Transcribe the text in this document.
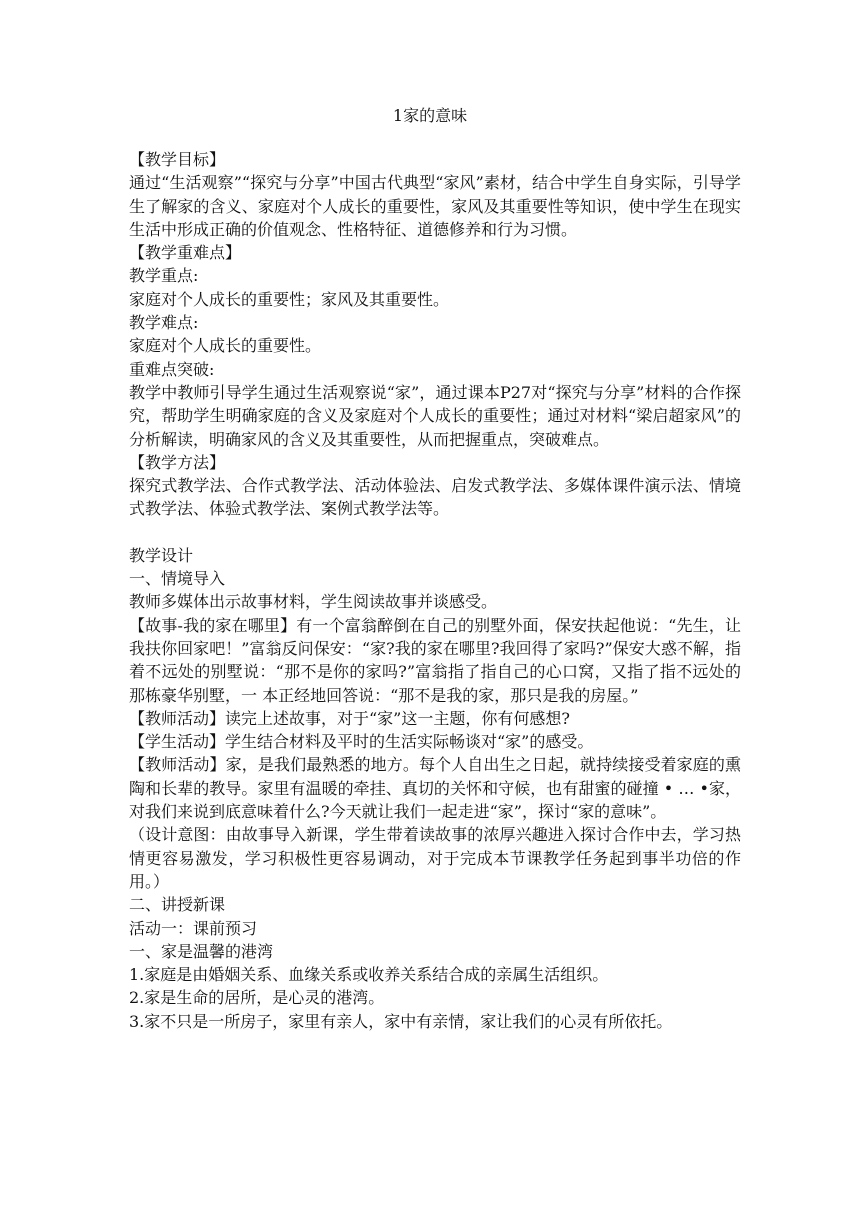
1家的意味

【教学目标】

通过“生活观察”“探究与分享”中国古代典型“家风”素材，结合中学生自身实际，引导学生了解家的含义、家庭对个人成长的重要性，家风及其重要性等知识，使中学生在现实生活中形成正确的价值观念、性格特征、道德修养和行为习惯。

【教学重难点】

教学重点:

家庭对个人成长的重要性；家风及其重要性。

教学难点:

家庭对个人成长的重要性。

重难点突破:

教学中教师引导学生通过生活观察说“家”，通过课本P27对“探究与分享”材料的合作探究，帮助学生明确家庭的含义及家庭对个人成长的重要性；通过对材料“梁启超家风”的分析解读，明确家风的含义及其重要性，从而把握重点，突破难点。

【教学方法】

探究式教学法、合作式教学法、活动体验法、启发式教学法、多媒体课件演示法、情境式教学法、体验式教学法、案例式教学法等。

教学设计

一、情境导入

教师多媒体出示故事材料，学生阅读故事并谈感受。

【故事-我的家在哪里】有一个富翁醉倒在自己的别墅外面，保安扶起他说：“先生，让我扶你回家吧！”富翁反问保安：“家?我的家在哪里?我回得了家吗?”保安大惑不解，指着不远处的别墅说：“那不是你的家吗?”富翁指了指自己的心口窝，又指了指不远处的那栋豪华别墅，一 本正经地回答说：“那不是我的家，那只是我的房屋。”

【教师活动】读完上述故事，对于“家”这一主题，你有何感想?

【学生活动】学生结合材料及平时的生活实际畅谈对“家”的感受。

【教师活动】家，是我们最熟悉的地方。每个人自出生之日起，就持续接受着家庭的熏陶和长辈的教导。家里有温暖的牵挂、真切的关怀和守候，也有甜蜜的碰撞 • … •家，对我们来说到底意味着什么?今天就让我们一起走进“家”，探讨“家的意味”。

（设计意图：由故事导入新课，学生带着读故事的浓厚兴趣进入探讨合作中去，学习热情更容易激发，学习积极性更容易调动，对于完成本节课教学任务起到事半功倍的作用。）

二、讲授新课

活动一：课前预习

一、家是温馨的港湾

1.家庭是由婚姻关系、血缘关系或收养关系结合成的亲属生活组织。

2.家是生命的居所，是心灵的港湾。

3.家不只是一所房子，家里有亲人，家中有亲情，家让我们的心灵有所依托。
